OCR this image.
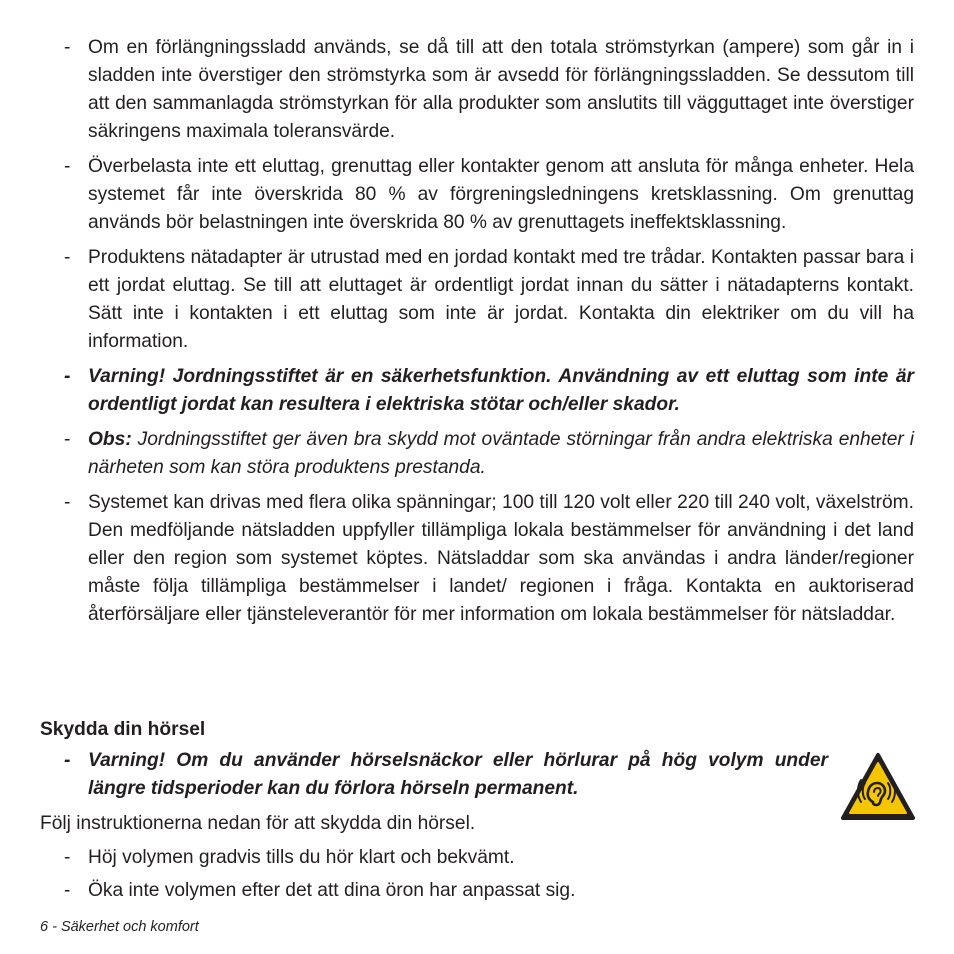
- Om en förlängningssladd används, se då till att den totala strömstyrkan (ampere) som går in i sladden inte överstiger den strömstyrka som är avsedd för förlängningssladden. Se dessutom till att den sammanlagda strömstyrkan för alla produkter som anslutits till vägguttaget inte överstiger säkringens maximala toleransvärde.
- Överbelasta inte ett eluttag, grenuttag eller kontakter genom att ansluta för många enheter. Hela systemet får inte överskrida 80 % av förgreningsledningens kretsklassning. Om grenuttag används bör belastningen inte överskrida 80 % av grenuttagets ineffektsklassning.
- Produktens nätadapter är utrustad med en jordad kontakt med tre trådar. Kontakten passar bara i ett jordat eluttag. Se till att eluttaget är ordentligt jordat innan du sätter i nätadapterns kontakt. Sätt inte i kontakten i ett eluttag som inte är jordat. Kontakta din elektriker om du vill ha information.
- Varning! Jordningsstiftet är en säkerhetsfunktion. Användning av ett eluttag som inte är ordentligt jordat kan resultera i elektriska stötar och/eller skador.
- Obs: Jordningsstiftet ger även bra skydd mot oväntade störningar från andra elektriska enheter i närheten som kan störa produktens prestanda.
- Systemet kan drivas med flera olika spänningar; 100 till 120 volt eller 220 till 240 volt, växelström. Den medföljande nätsladden uppfyller tillämpliga lokala bestämmelser för användning i det land eller den region som systemet köptes. Nätsladdar som ska användas i andra länder/regioner måste följa tillämpliga bestämmelser i landet/ regionen i fråga. Kontakta en auktoriserad återförsäljare eller tjänsteleverantör för mer information om lokala bestämmelser för nätsladdar.
Skydda din hörsel
- Varning! Om du använder hörselsnäckor eller hörlurar på hög volym under längre tidsperioder kan du förlora hörseln permanent.
Följ instruktionerna nedan för att skydda din hörsel.
- Höj volymen gradvis tills du hör klart och bekvämt.
- Öka inte volymen efter det att dina öron har anpassat sig.
6 - Säkerhet och komfort
